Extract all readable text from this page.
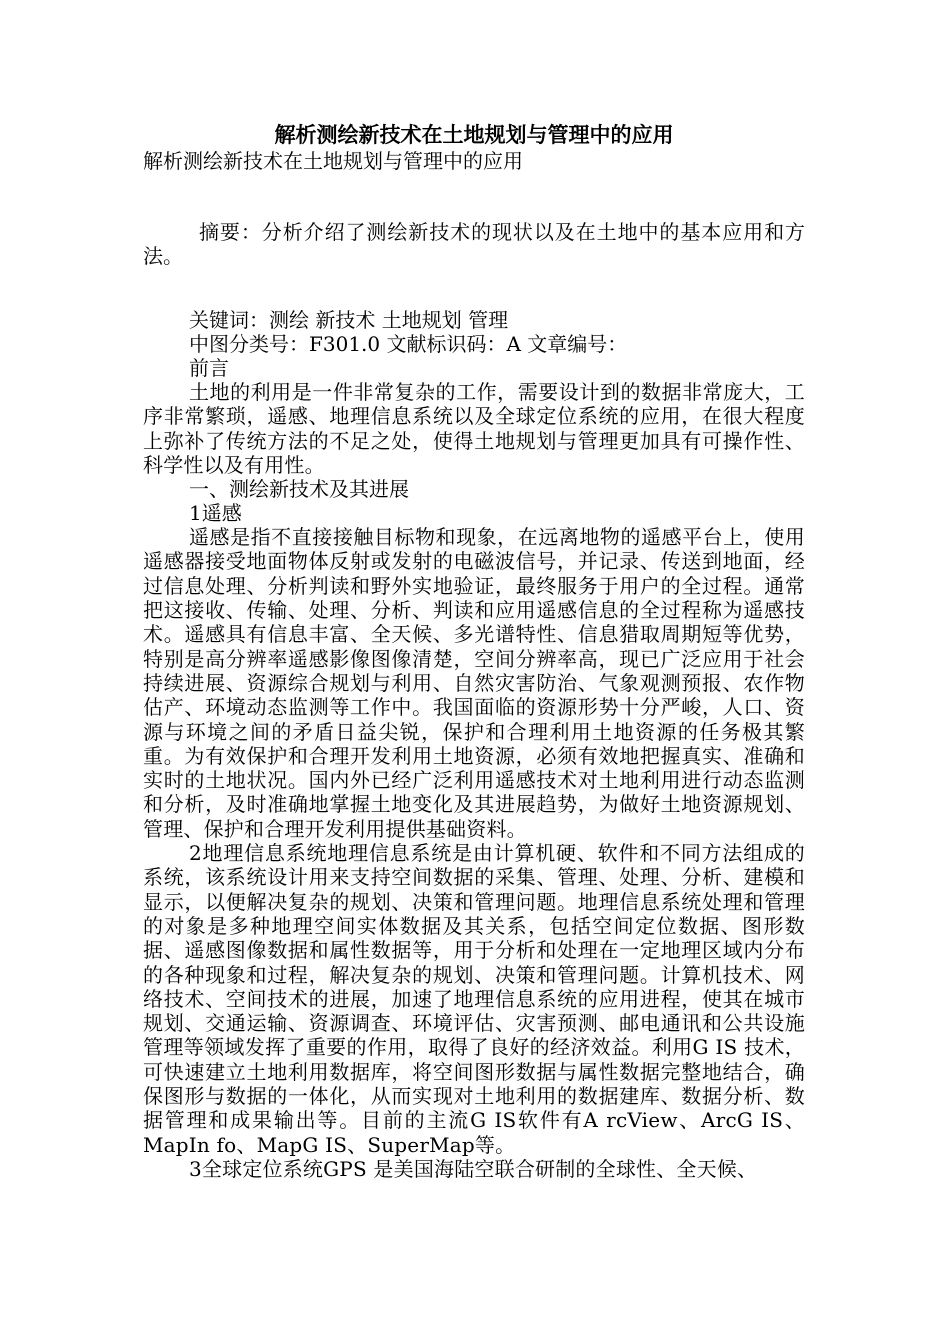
解析测绘新技术在土地规划与管理中的应用
解析测绘新技术在土地规划与管理中的应用

摘要：分析介绍了测绘新技术的现状以及在土地中的基本应用和方法。

关键词：测绘 新技术 土地规划 管理

中图分类号：F301.0 文献标识码：A 文章编号：

前言

土地的利用是一件非常复杂的工作，需要设计到的数据非常庞大，工序非常繁琐，遥感、地理信息系统以及全球定位系统的应用，在很大程度上弥补了传统方法的不足之处，使得土地规划与管理更加具有可操作性、科学性以及有用性。

一、测绘新技术及其进展

1遥感

遥感是指不直接接触目标物和现象，在远离地物的遥感平台上，使用遥感器接受地面物体反射或发射的电磁波信号，并记录、传送到地面，经过信息处理、分析判读和野外实地验证，最终服务于用户的全过程。通常把这接收、传输、处理、分析、判读和应用遥感信息的全过程称为遥感技术。遥感具有信息丰富、全天候、多光谱特性、信息猎取周期短等优势，特别是高分辨率遥感影像图像清楚，空间分辨率高，现已广泛应用于社会持续进展、资源综合规划与利用、自然灾害防治、气象观测预报、农作物估产、环境动态监测等工作中。我国面临的资源形势十分严峻，人口、资源与环境之间的矛盾日益尖锐，保护和合理利用土地资源的任务极其繁重。为有效保护和合理开发利用土地资源，必须有效地把握真实、准确和实时的土地状况。国内外已经广泛利用遥感技术对土地利用进行动态监测和分析，及时准确地掌握土地变化及其进展趋势，为做好土地资源规划、管理、保护和合理开发利用提供基础资料。

2地理信息系统地理信息系统是由计算机硬、软件和不同方法组成的系统，该系统设计用来支持空间数据的采集、管理、处理、分析、建模和显示，以便解决复杂的规划、决策和管理问题。地理信息系统处理和管理的对象是多种地理空间实体数据及其关系，包括空间定位数据、图形数据、遥感图像数据和属性数据等，用于分析和处理在一定地理区域内分布的各种现象和过程，解决复杂的规划、决策和管理问题。计算机技术、网络技术、空间技术的进展，加速了地理信息系统的应用进程，使其在城市规划、交通运输、资源调查、环境评估、灾害预测、邮电通讯和公共设施管理等领域发挥了重要的作用，取得了良好的经济效益。利用G IS 技术，可快速建立土地利用数据库，将空间图形数据与属性数据完整地结合，确保图形与数据的一体化，从而实现对土地利用的数据建库、数据分析、数据管理和成果输出等。目前的主流G IS软件有A rcView、ArcG IS、MapIn fo、MapG IS、SuperMap等。

3全球定位系统GPS 是美国海陆空联合研制的全球性、全天候、
